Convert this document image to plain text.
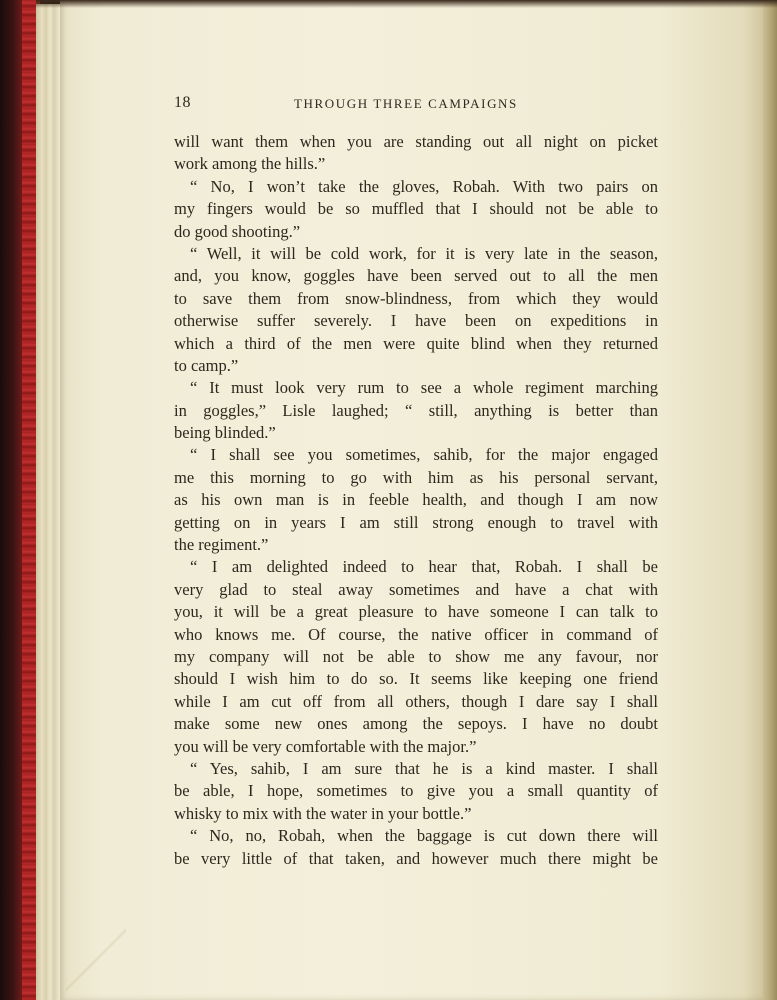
18	THROUGH THREE CAMPAIGNS
will want them when you are standing out all night on picket
work among the hills.”
“ No, I won’t take the gloves, Robah. With two pairs on
my fingers would be so muffled that I should not be able to
do good shooting.”
“ Well, it will be cold work, for it is very late in the season,
and, you know, goggles have been served out to all the men
to save them from snow-blindness, from which they would
otherwise suffer severely. I have been on expeditions in
which a third of the men were quite blind when they returned
to camp.”
“ It must look very rum to see a whole regiment marching
in goggles,” Lisle laughed; “ still, anything is better than
being blinded.”
“ I shall see you sometimes, sahib, for the major engaged
me this morning to go with him as his personal servant,
as his own man is in feeble health, and though I am now
getting on in years I am still strong enough to travel with
the regiment.”
“ I am delighted indeed to hear that, Robah. I shall be
very glad to steal away sometimes and have a chat with
you, it will be a great pleasure to have someone I can talk to
who knows me. Of course, the native officer in command of
my company will not be able to show me any favour, nor
should I wish him to do so. It seems like keeping one friend
while I am cut off from all others, though I dare say I shall
make some new ones among the sepoys. I have no doubt
you will be very comfortable with the major.”
“ Yes, sahib, I am sure that he is a kind master. I shall
be able, I hope, sometimes to give you a small quantity of
whisky to mix with the water in your bottle.”
“ No, no, Robah, when the baggage is cut down there will
be very little of that taken, and however much there might be
